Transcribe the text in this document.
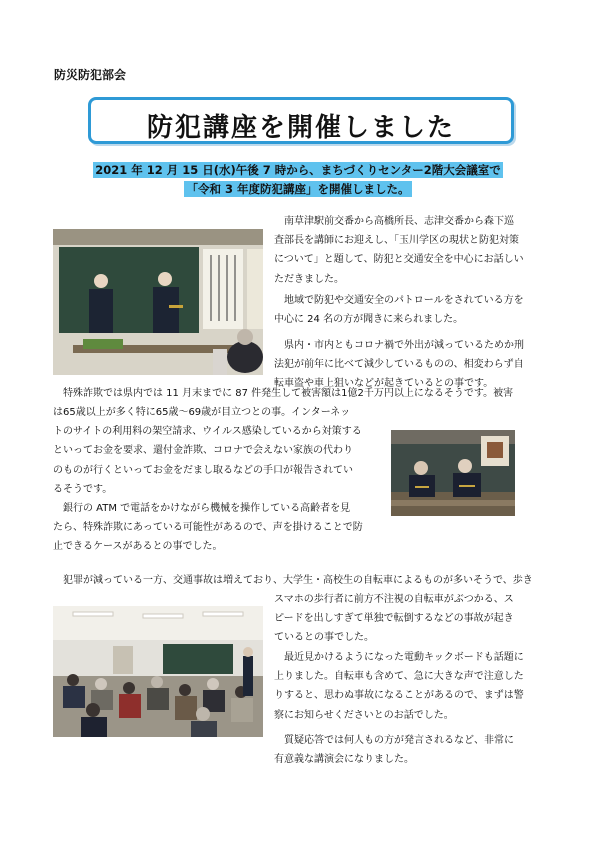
防災防犯部会
防犯講座を開催しました
2021 年 12 月 15 日(水)午後 7 時から、まちづくりセンター2階大会議室で
「令和 3 年度防犯講座」を開催しました。
南草津駅前交番から高橋所長、志津交番から森下巡
査部長を講師にお迎えし、「玉川学区の現状と防犯対策
について」と題して、防犯と交通安全を中心にお話しい
ただきました。
地域で防犯や交通安全のパトロールをされている方を
中心に 24 名の方が聞きに来られました。
県内・市内ともコロナ禍で外出が減っているためか刑
法犯が前年に比べて減少しているものの、相変わらず自
転車盗や車上狙いなどが起きているとの事です。
特殊詐欺では県内では 11 月末までに 87 件発生して被害額は1億2千万円以上になるそうです。被害
は65歳以上が多く特に65歳～69歳が目立つとの事。インターネッ
トのサイトの利用料の架空請求、ウイルス感染しているから対策する
といってお金を要求、還付金詐欺、コロナで会えない家族の代わり
のものが行くといってお金をだまし取るなどの手口が報告されてい
るそうです。
銀行の ATM で電話をかけながら機械を操作している高齢者を見
たら、特殊詐欺にあっている可能性があるので、声を掛けることで防
止できるケースがあるとの事でした。
犯罪が減っている一方、交通事故は増えており、大学生・高校生の自転車によるものが多いそうで、歩き
スマホの歩行者に前方不注視の自転車がぶつかる、ス
ピードを出しすぎて単独で転倒するなどの事故が起き
ているとの事でした。
最近見かけるようになった電動キックボードも話題に
上りました。自転車も含めて、急に大きな声で注意した
りすると、思わぬ事故になることがあるので、まずは警
察にお知らせくださいとのお話でした。
質疑応答では何人もの方が発言されるなど、非常に
有意義な講演会になりました。
